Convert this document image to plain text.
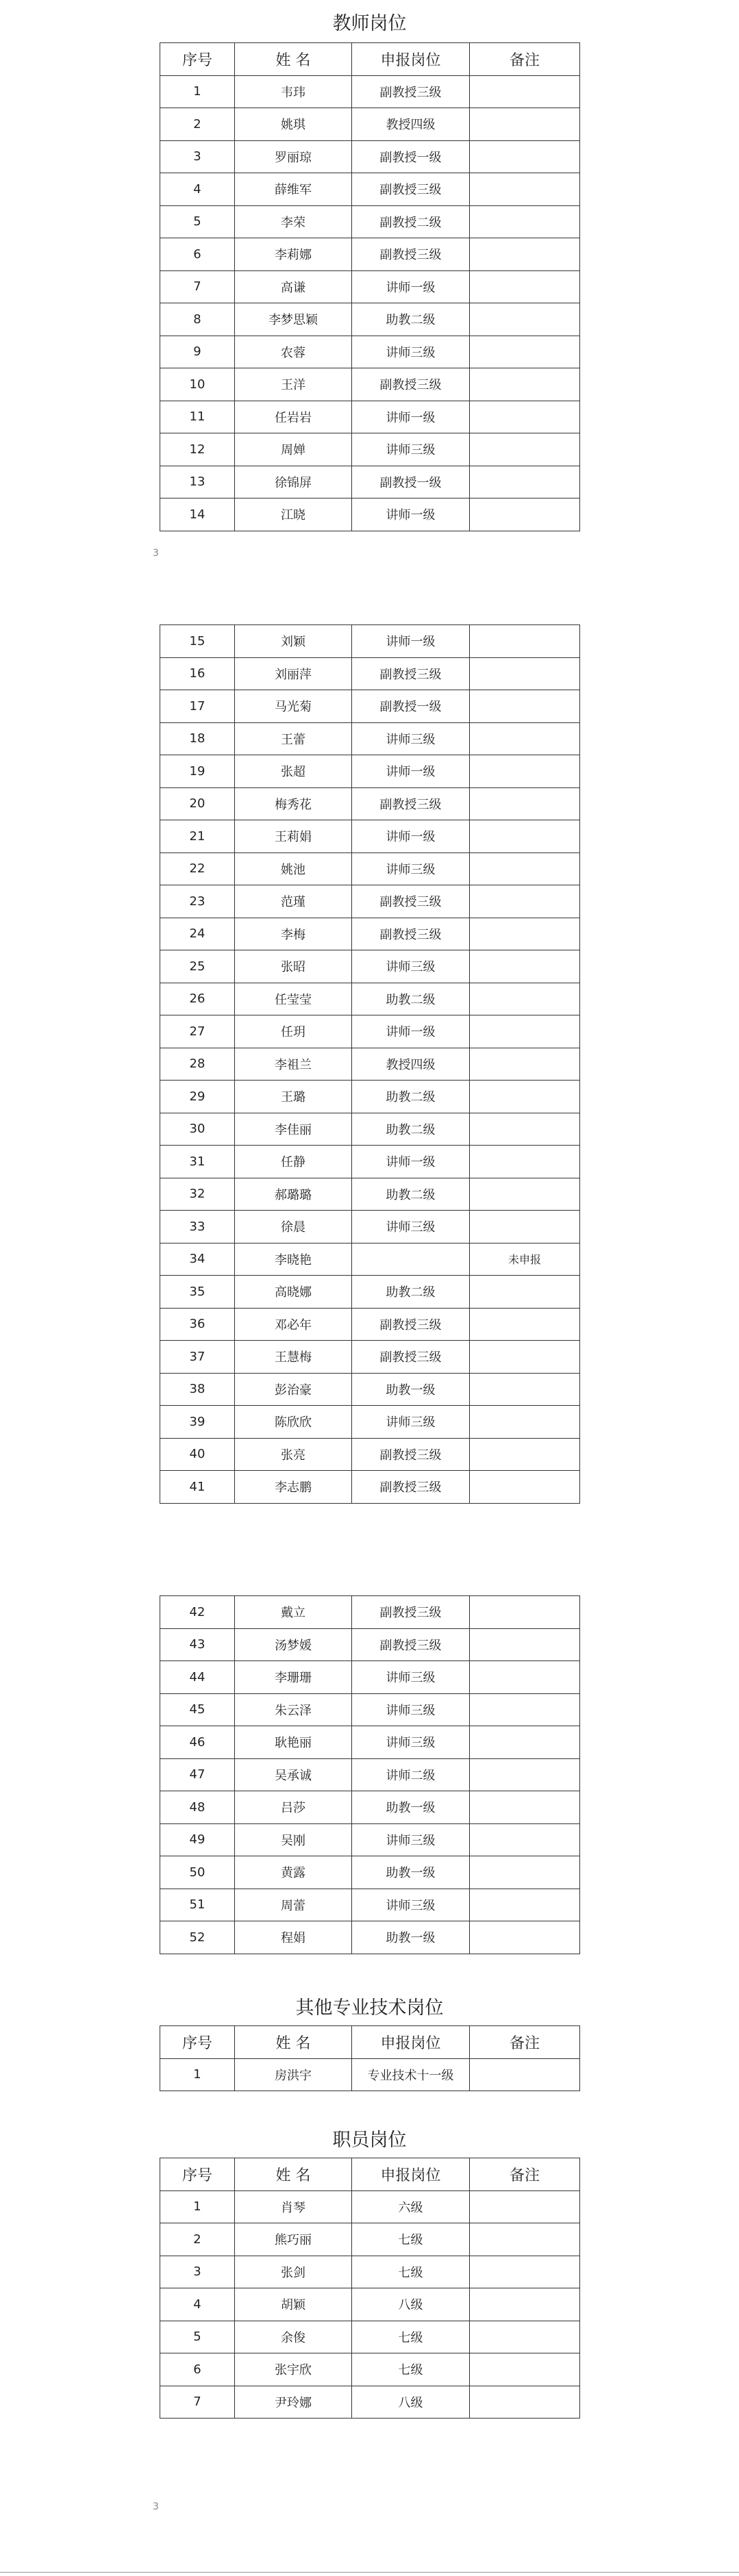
教师岗位
序号	姓 名	申报岗位	备注
1	韦玮	副教授三级	
2	姚琪	教授四级	
3	罗丽琼	副教授一级	
4	薛维军	副教授三级	
5	李荣	副教授二级	
6	李莉娜	副教授三级	
7	高谦	讲师一级	
8	李梦思颖	助教二级	
9	农蓉	讲师三级	
10	王洋	副教授三级	
11	任岩岩	讲师一级	
12	周婵	讲师三级	
13	徐锦屏	副教授一级	
14	江晓	讲师一级	
3
15	刘颖	讲师一级	
16	刘丽萍	副教授三级	
17	马光菊	副教授一级	
18	王蕾	讲师三级	
19	张超	讲师一级	
20	梅秀花	副教授三级	
21	王莉娟	讲师一级	
22	姚池	讲师三级	
23	范瑾	副教授三级	
24	李梅	副教授三级	
25	张昭	讲师三级	
26	任莹莹	助教二级	
27	任玥	讲师一级	
28	李祖兰	教授四级	
29	王璐	助教二级	
30	李佳丽	助教二级	
31	任静	讲师一级	
32	郝璐璐	助教二级	
33	徐晨	讲师三级	
34	李晓艳		未申报
35	高晓娜	助教二级	
36	邓必年	副教授三级	
37	王慧梅	副教授三级	
38	彭治豪	助教一级	
39	陈欣欣	讲师三级	
40	张亮	副教授三级	
41	李志鹏	副教授三级	
42	戴立	副教授三级	
43	汤梦媛	副教授三级	
44	李珊珊	讲师三级	
45	朱云泽	讲师三级	
46	耿艳丽	讲师三级	
47	吴承诚	讲师二级	
48	吕莎	助教一级	
49	吴刚	讲师三级	
50	黄露	助教一级	
51	周蕾	讲师三级	
52	程娟	助教一级	
其他专业技术岗位
序号	姓 名	申报岗位	备注
1	房洪宇	专业技术十一级	
职员岗位
序号	姓 名	申报岗位	备注
1	肖琴	六级	
2	熊巧丽	七级	
3	张剑	七级	
4	胡颖	八级	
5	余俊	七级	
6	张宇欣	七级	
7	尹玲娜	八级	
3
